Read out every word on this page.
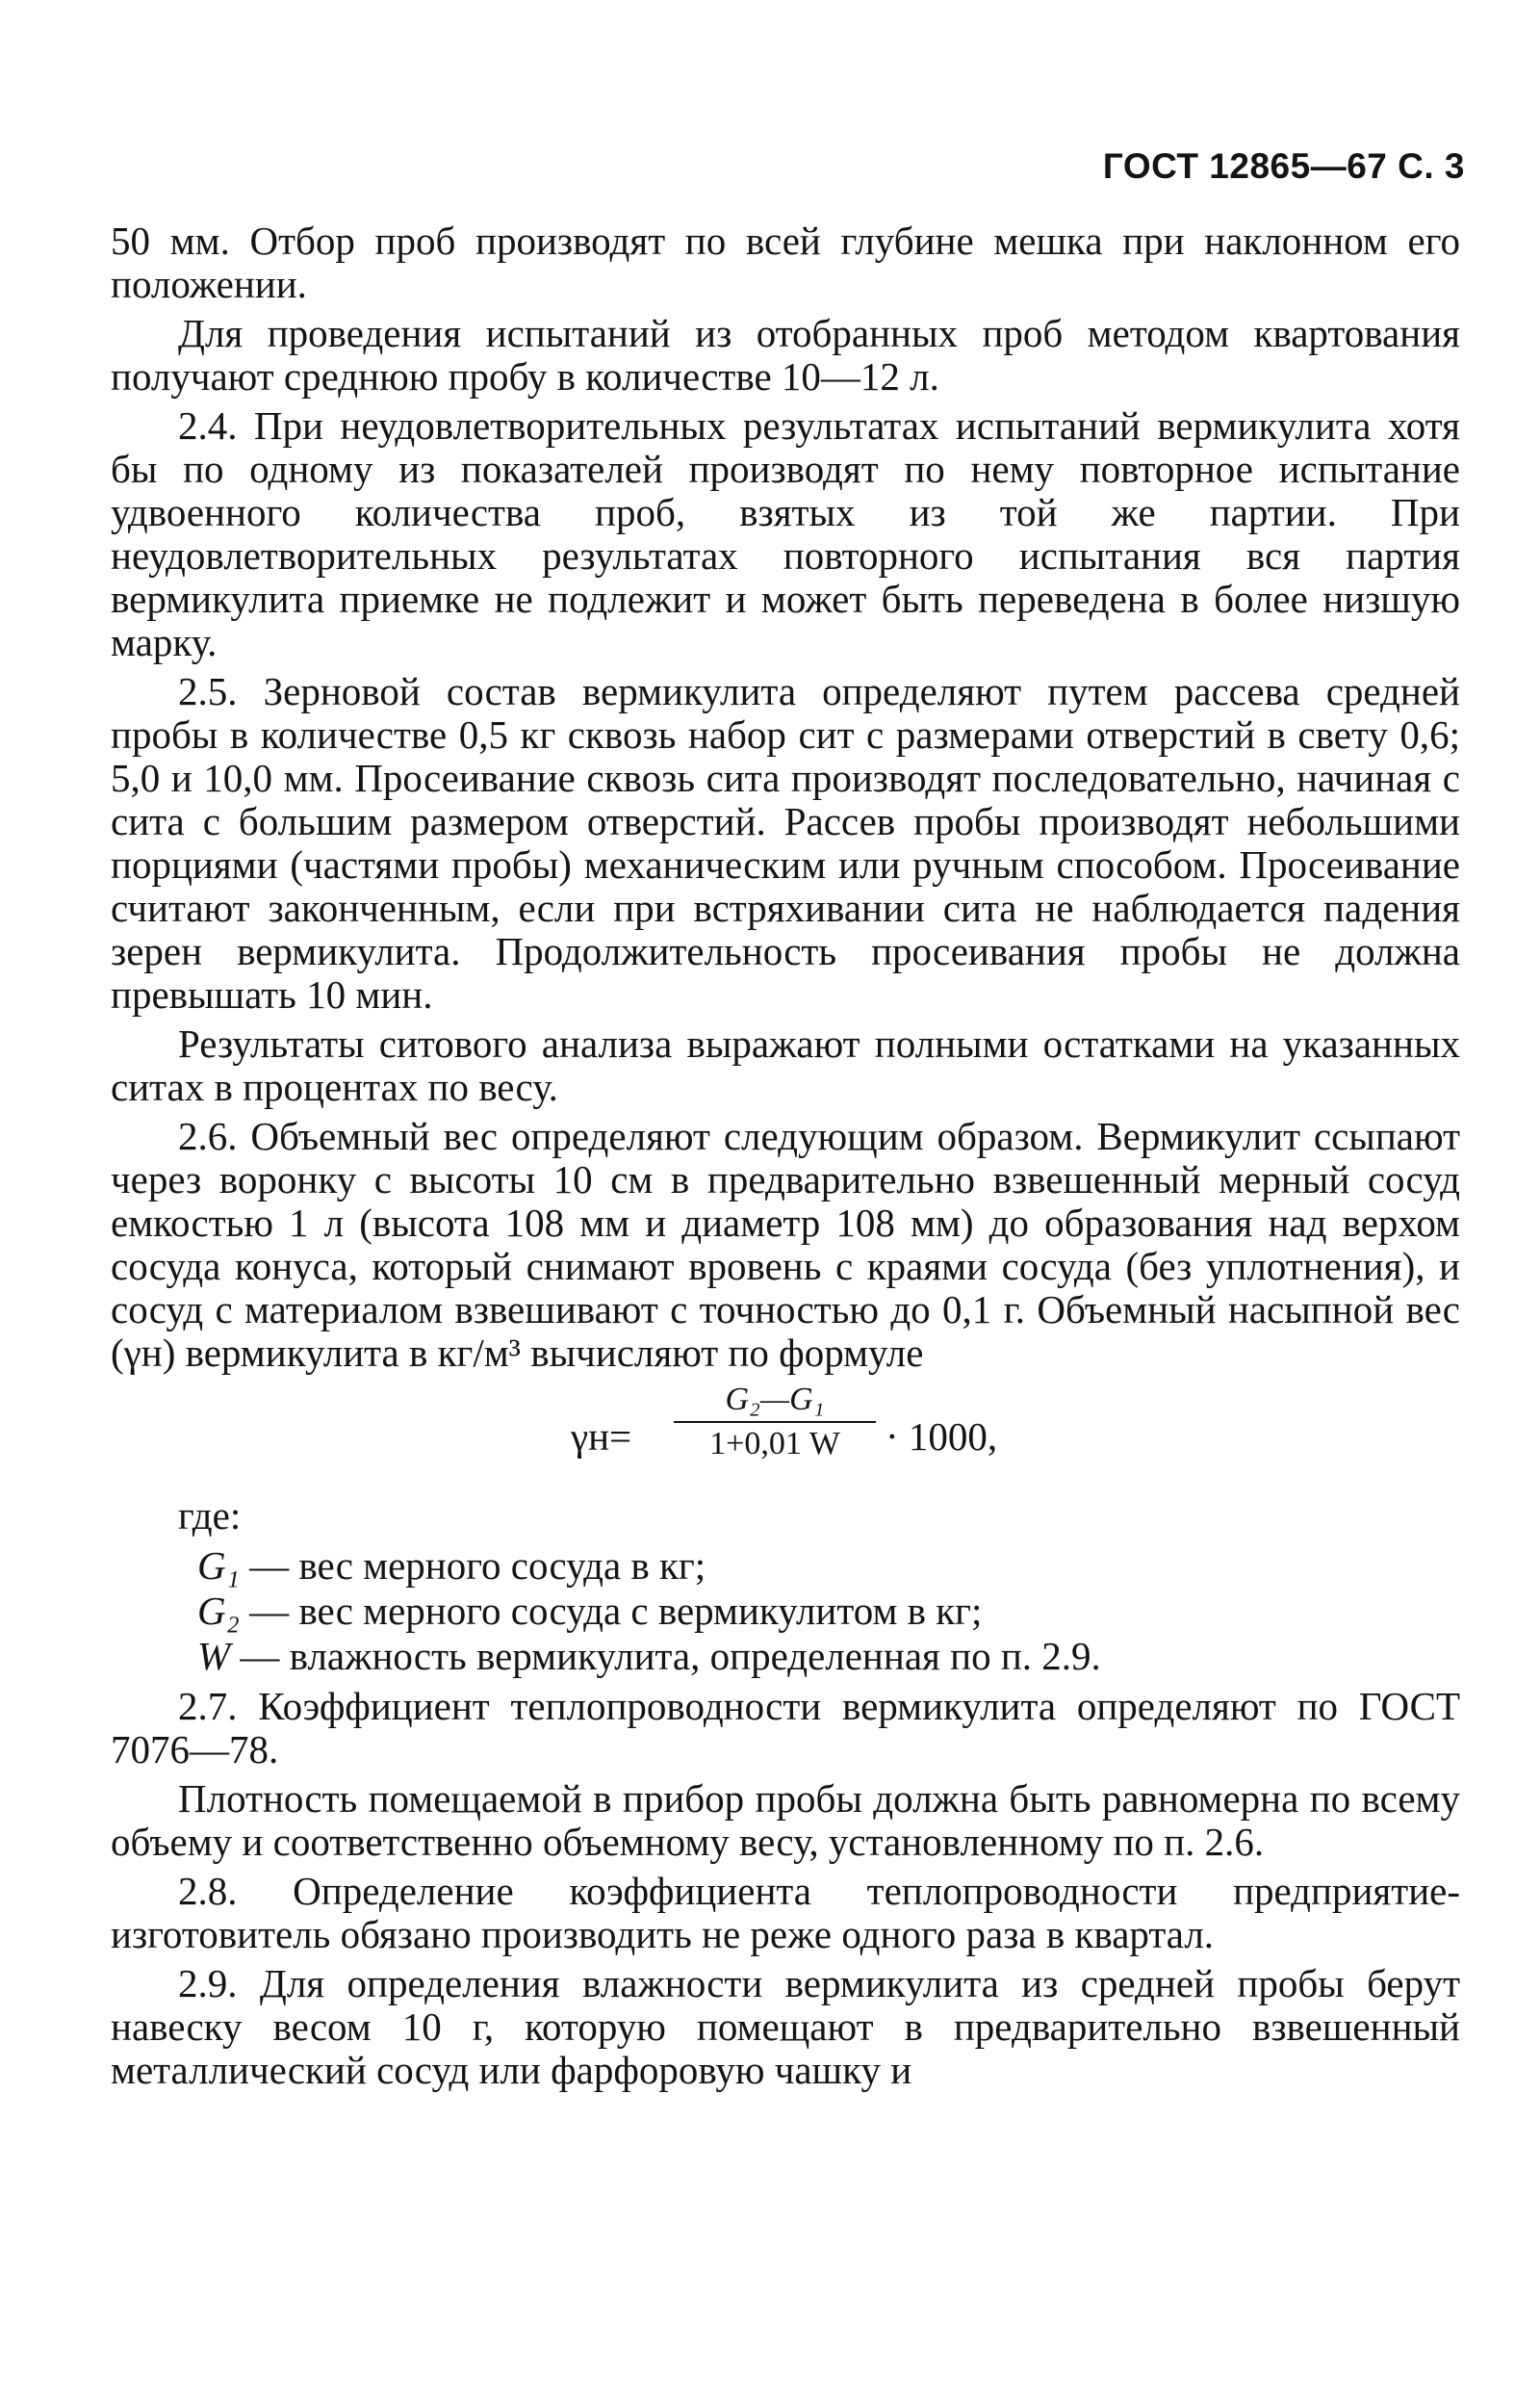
ГОСТ 12865—67 С. 3

50 мм. Отбор проб производят по всей глубине мешка при наклонном его положении.

Для проведения испытаний из отобранных проб методом квартования получают среднюю пробу в количестве 10—12 л.

2.4. При неудовлетворительных результатах испытаний вермикулита хотя бы по одному из показателей производят по нему повторное испытание удвоенного количества проб, взятых из той же партии. При неудовлетворительных результатах повторного испытания вся партия вермикулита приемке не подлежит и может быть переведена в более низшую марку.

2.5. Зерновой состав вермикулита определяют путем рассева средней пробы в количестве 0,5 кг сквозь набор сит с размерами отверстий в свету 0,6; 5,0 и 10,0 мм. Просеивание сквозь сита производят последовательно, начиная с сита с большим размером отверстий. Рассев пробы производят небольшими порциями (частями пробы) механическим или ручным способом. Просеивание считают законченным, если при встряхивании сита не наблюдается падения зерен вермикулита. Продолжительность просеивания пробы не должна превышать 10 мин.

Результаты ситового анализа выражают полными остатками на указанных ситах в процентах по весу.

2.6. Объемный вес определяют следующим образом. Вермикулит ссыпают через воронку с высоты 10 см в предварительно взвешенный мерный сосуд емкостью 1 л (высота 108 мм и диаметр 108 мм) до образования над верхом сосуда конуса, который снимают вровень с краями сосуда (без уплотнения), и сосуд с материалом взвешивают с точностью до 0,1 г. Объемный насыпной вес (γн) вермикулита в кг/м³ вычисляют по формуле

$\gamma н= \frac{\text{G₂—G₁}}{1+0,01 W} \cdot 1000$,

где:

G₁ — вес мерного сосуда в кг;
G₂ — вес мерного сосуда с вермикулитом в кг;
W — влажность вермикулита, определенная по п. 2.9.

2.7. Коэффициент теплопроводности вермикулита определяют по ГОСТ 7076—78.

Плотность помещаемой в прибор пробы должна быть равномерна по всему объему и соответственно объемному весу, установленному по п. 2.6.

2.8. Определение коэффициента теплопроводности предприятие-изготовитель обязано производить не реже одного раза в квартал.

2.9. Для определения влажности вермикулита из средней пробы берут навеску весом 10 г, которую помещают в предварительно взвешенный металлический сосуд или фарфоровую чашку и
